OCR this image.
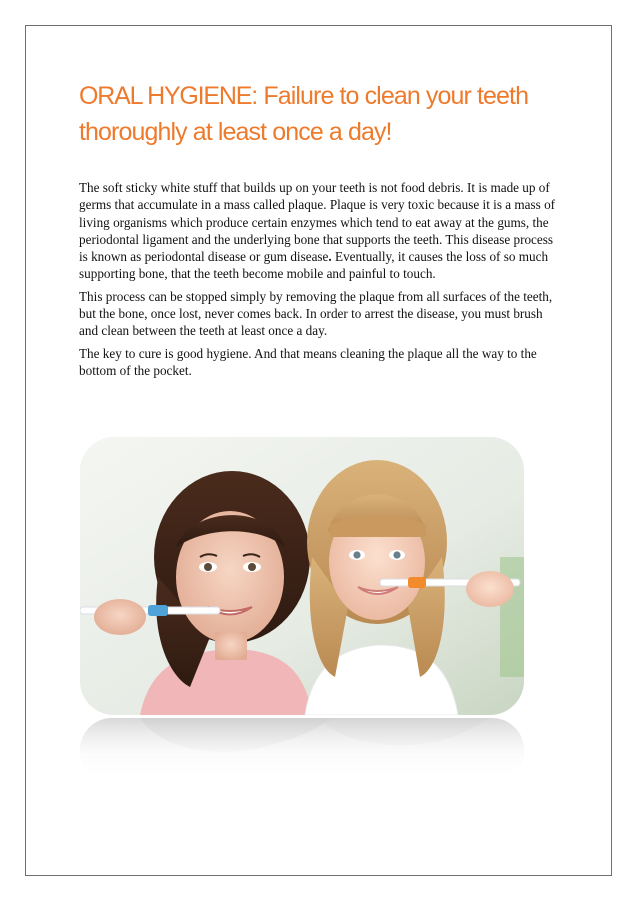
ORAL HYGIENE: Failure to clean your teeth thoroughly at least once a day!

The soft sticky white stuff that builds up on your teeth is not food debris. It is made up of germs that accumulate in a mass called plaque. Plaque is very toxic because it is a mass of living organisms which produce certain enzymes which tend to eat away at the gums, the periodontal ligament and the underlying bone that supports the teeth. This disease process is known as periodontal disease or gum disease. Eventually, it causes the loss of so much supporting bone, that the teeth become mobile and painful to touch.

This process can be stopped simply by removing the plaque from all surfaces of the teeth, but the bone, once lost, never comes back. In order to arrest the disease, you must brush and clean between the teeth at least once a day.

The key to cure is good hygiene. And that means cleaning the plaque all the way to the bottom of the pocket.
